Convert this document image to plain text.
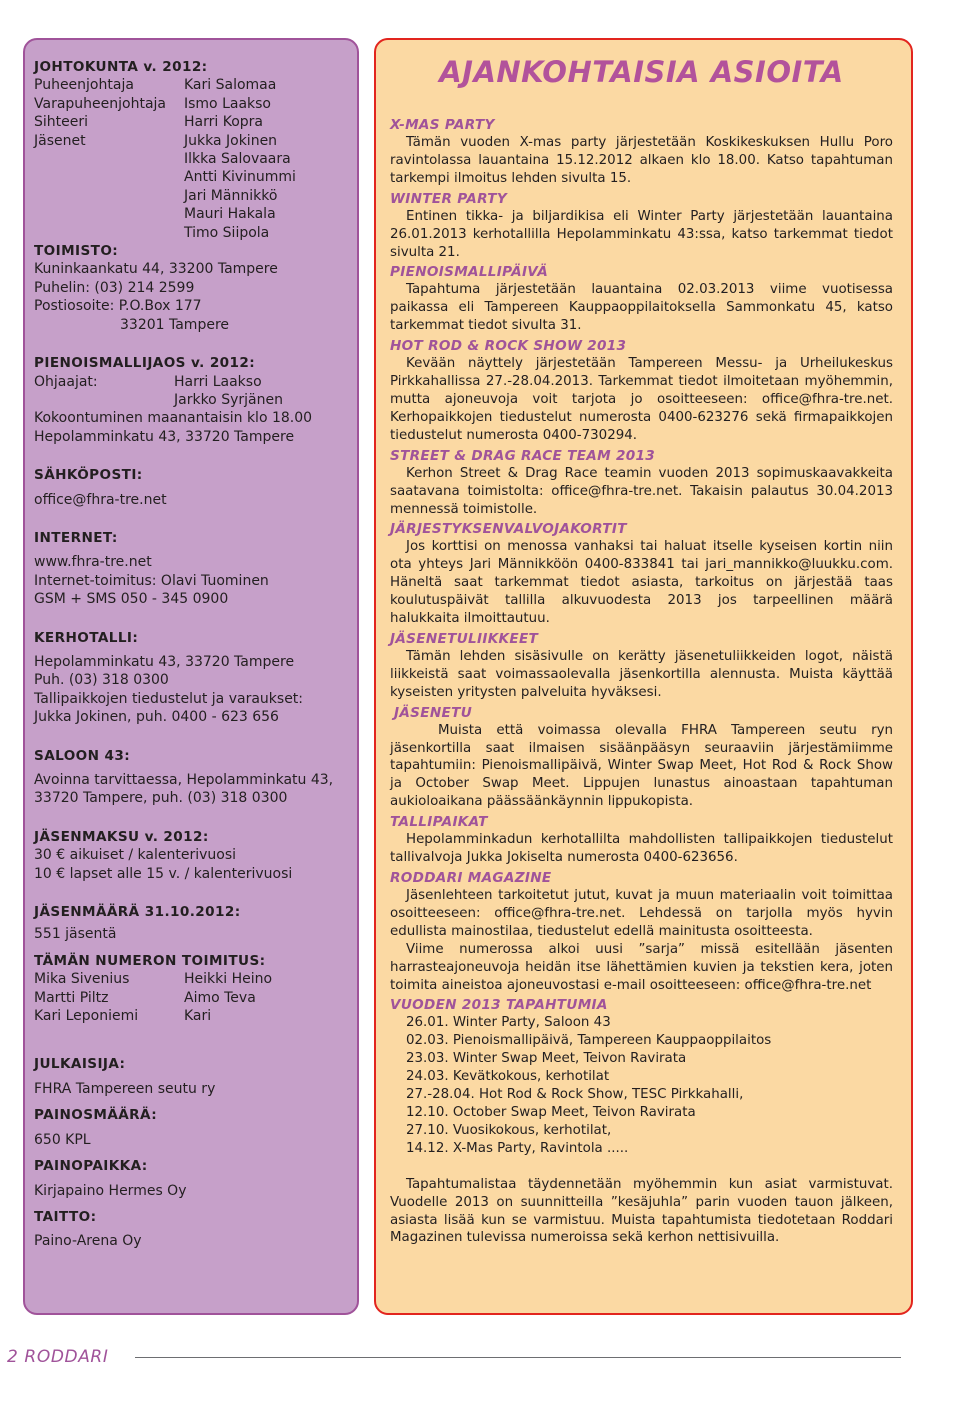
JOHTOKUNTA v. 2012:
Puheenjohtaja	Kari Salomaa
Varapuheenjohtaja	Ismo Laakso
Sihteeri	Harri Kopra
Jäsenet	Jukka Jokinen
Ilkka Salovaara
Antti Kivinummi
Jari Männikkö
Mauri Hakala
Timo Siipola
TOIMISTO:
Kuninkaankatu 44, 33200 Tampere
Puhelin: (03) 214 2599
Postiosoite: P.O.Box 177
33201 Tampere
PIENOISMALLIJAOS v. 2012:
Ohjaajat:	Harri Laakso
Jarkko Syrjänen
Kokoontuminen maanantaisin klo 18.00
Hepolamminkatu 43, 33720 Tampere
SÄHKÖPOSTI:
office@fhra-tre.net
INTERNET:
www.fhra-tre.net
Internet-toimitus: Olavi Tuominen
GSM + SMS 050 - 345 0900
KERHOTALLI:
Hepolamminkatu 43, 33720 Tampere
Puh. (03) 318 0300
Tallipaikkojen tiedustelut ja varaukset:
Jukka Jokinen, puh. 0400 - 623 656
SALOON 43:
Avoinna tarvittaessa, Hepolamminkatu 43,
33720 Tampere, puh. (03) 318 0300
JÄSENMAKSU v. 2012:
30 € aikuiset / kalenterivuosi
10 € lapset alle 15 v. / kalenterivuosi
JÄSENMÄÄRÄ 31.10.2012:
551 jäsentä
TÄMÄN NUMERON TOIMITUS:
Mika Sivenius	Heikki Heino
Martti Piltz	Aimo Teva
Kari Leponiemi	Kari
JULKAISIJA:
FHRA Tampereen seutu ry
PAINOSMÄÄRÄ:
650 KPL
PAINOPAIKKA:
Kirjapaino Hermes Oy
TAITTO:
Paino-Arena Oy
AJANKOHTAISIA ASIOITA
X-MAS PARTY
Tämän vuoden X-mas party järjestetään Koskikeskuksen Hullu Poro ravintolassa lauantaina 15.12.2012 alkaen klo 18.00. Katso tapahtuman tarkempi ilmoitus lehden sivulta 15.
WINTER PARTY
Entinen tikka- ja biljardikisa eli Winter Party järjestetään lauantaina 26.01.2013 kerhotallilla Hepolamminkatu 43:ssa, katso tarkemmat tiedot sivulta 21.
PIENOISMALLIPÄIVÄ
Tapahtuma järjestetään lauantaina 02.03.2013 viime vuotisessa paikassa eli Tampereen Kauppaoppilaitoksella Sammonkatu 45, katso tarkemmat tiedot sivulta 31.
HOT ROD & ROCK SHOW 2013
Kevään näyttely järjestetään Tampereen Messu- ja Urheilukeskus Pirkkahallissa 27.-28.04.2013. Tarkemmat tiedot ilmoitetaan myöhemmin, mutta ajoneuvoja voit tarjota jo osoitteeseen: office@fhra-tre.net. Kerhopaikkojen tiedustelut numerosta 0400-623276 sekä firmapaikkojen tiedustelut numerosta 0400-730294.
STREET & DRAG RACE TEAM 2013
Kerhon Street & Drag Race teamin vuoden 2013 sopimuskaavakkeita saatavana toimistolta: office@fhra-tre.net. Takaisin palautus 30.04.2013 mennessä toimistolle.
JÄRJESTYKSENVALVOJAKORTIT
Jos korttisi on menossa vanhaksi tai haluat itselle kyseisen kortin niin ota yhteys Jari Männikköön 0400-833841 tai jari_mannikko@luukku.com. Häneltä saat tarkemmat tiedot asiasta, tarkoitus on järjestää taas koulutuspäivät tallilla alkuvuodesta 2013 jos tarpeellinen määrä halukkaita ilmoittautuu.
JÄSENETULIIKKEET
Tämän lehden sisäsivulle on kerätty jäsenetuliikkeiden logot, näistä liikkeistä saat voimassaolevalla jäsenkortilla alennusta. Muista käyttää kyseisten yritysten palveluita hyväksesi.
JÄSENETU
Muista että voimassa olevalla FHRA Tampereen seutu ryn jäsenkortilla saat ilmaisen sisäänpääsyn seuraaviin järjestämiimme tapahtumiin: Pienoismallipäivä, Winter Swap Meet, Hot Rod & Rock Show ja October Swap Meet. Lippujen lunastus ainoastaan tapahtuman aukioloaikana päässäänkäynnin lippukopista.
TALLIPAIKAT
Hepolamminkadun kerhotallilta mahdollisten tallipaikkojen tiedustelut tallivalvoja Jukka Jokiselta numerosta 0400-623656.
RODDARI MAGAZINE
Jäsenlehteen tarkoitetut jutut, kuvat ja muun materiaalin voit toimittaa osoitteeseen: office@fhra-tre.net. Lehdessä on tarjolla myös hyvin edullista mainostilaa, tiedustelut edellä mainitusta osoitteesta.
Viime numerossa alkoi uusi ”sarja” missä esitellään jäsenten harrasteajoneuvoja heidän itse lähettämien kuvien ja tekstien kera, joten toimita aineistoa ajoneuvostasi e-mail osoitteeseen: office@fhra-tre.net
VUODEN 2013 TAPAHTUMIA
26.01. Winter Party, Saloon 43
02.03. Pienoismallipäivä, Tampereen Kauppaoppilaitos
23.03. Winter Swap Meet, Teivon Ravirata
24.03. Kevätkokous, kerhotilat
27.-28.04. Hot Rod & Rock Show, TESC Pirkkahalli,
12.10. October Swap Meet, Teivon Ravirata
27.10. Vuosikokous, kerhotilat,
14.12. X-Mas Party, Ravintola .....
Tapahtumalistaa täydennetään myöhemmin kun asiat varmistuvat. Vuodelle 2013 on suunnitteilla ”kesäjuhla” parin vuoden tauon jälkeen, asiasta lisää kun se varmistuu. Muista tapahtumista tiedotetaan Roddari Magazinen tulevissa numeroissa sekä kerhon nettisivuilla.
2 RODDARI
